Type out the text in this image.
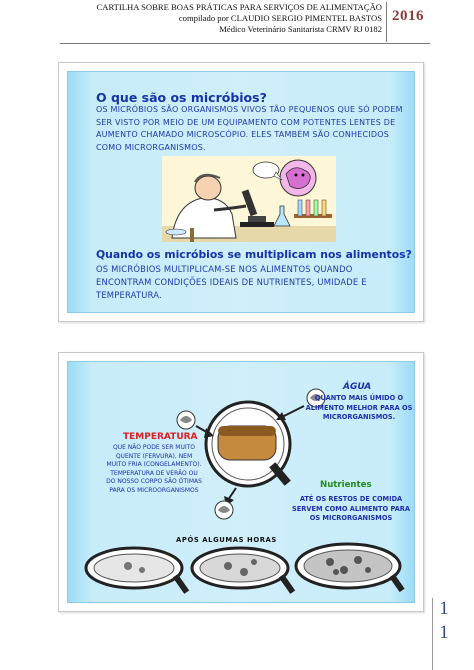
CARTILHA SOBRE BOAS PRÁTICAS PARA SERVIÇOS DE ALIMENTAÇÃO
compilado por CLAUDIO SERGIO PIMENTEL BASTOS
Médico Veterinário Sanitarista CRMV RJ 0182
2016
O que são os micróbios?
OS MICRÓBIOS SÃO ORGANISMOS VIVOS TÃO PEQUENOS QUE SÓ PODEM SER VISTO POR MEIO DE UM EQUIPAMENTO COM POTENTES LENTES DE AUMENTO CHAMADO MICROSCÓPIO. ELES TAMBÉM SÃO CONHECIDOS COMO MICRORGANISMOS.
Quando os micróbios se multiplicam nos alimentos?
OS MICRÓBIOS MULTIPLICAM-SE NOS ALIMENTOS QUANDO ENCONTRAM CONDIÇÕES IDEAIS DE NUTRIENTES, UMIDADE E TEMPERATURA.
ÁGUA
QUANTO MAIS ÚMIDO O ALIMENTO MELHOR PARA OS MICRORGANISMOS.
TEMPERATURA
QUE NÃO PODE SER MUITO QUENTE (FERVURA), NEM MUITO FRIA (CONGELAMENTO). TEMPERATURA DE VERÃO OU DO NOSSO CORPO SÃO ÓTIMAS PARA OS MICROORGANISMOS
Nutrientes
ATÉ OS RESTOS DE COMIDA SERVEM COMO ALIMENTO PARA OS MICRORGANISMOS
APÓS ALGUMAS HORAS
1
1
